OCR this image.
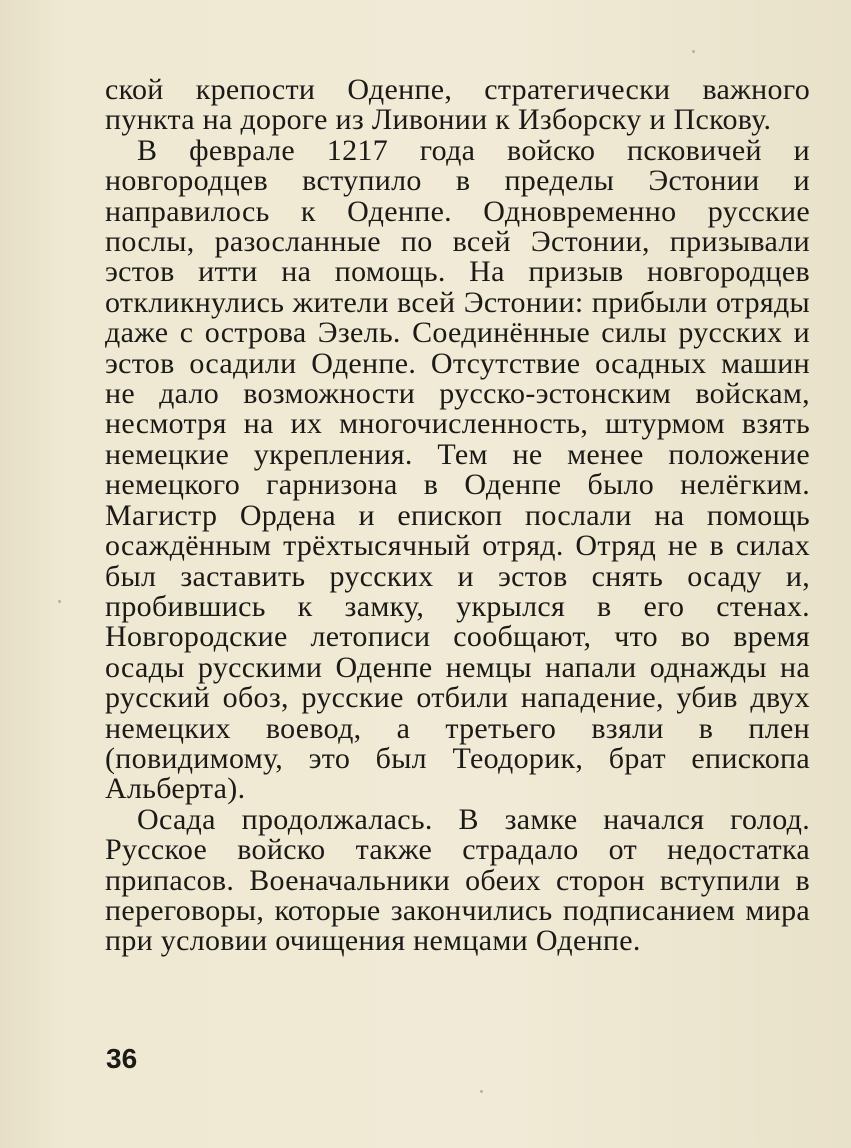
ской крепости Оденпе, стратегически важного пункта на дороге из Ливонии к Изборску и Пскову.

В феврале 1217 года войско псковичей и новгородцев вступило в пределы Эстонии и направилось к Оденпе. Одновременно русские послы, разосланные по всей Эстонии, призывали эстов итти на помощь. На призыв новгородцев откликнулись жители всей Эстонии: прибыли отряды даже с острова Эзель. Соединённые силы русских и эстов осадили Оденпе. Отсутствие осадных машин не дало возможности русско-эстонским войскам, несмотря на их многочисленность, штурмом взять немецкие укрепления. Тем не менее положение немецкого гарнизона в Оденпе было нелёгким. Магистр Ордена и епископ послали на помощь осаждённым трёхтысячный отряд. Отряд не в силах был заставить русских и эстов снять осаду и, пробившись к замку, укрылся в его стенах. Новгородские летописи сообщают, что во время осады русскими Оденпе немцы напали однажды на русский обоз, русские отбили нападение, убив двух немецких воевод, а третьего взяли в плен (повидимому, это был Теодорик, брат епископа Альберта).

Осада продолжалась. В замке начался голод. Русское войско также страдало от недостатка припасов. Военачальники обеих сторон вступили в переговоры, которые закончились подписанием мира при условии очищения немцами Оденпе.

36
